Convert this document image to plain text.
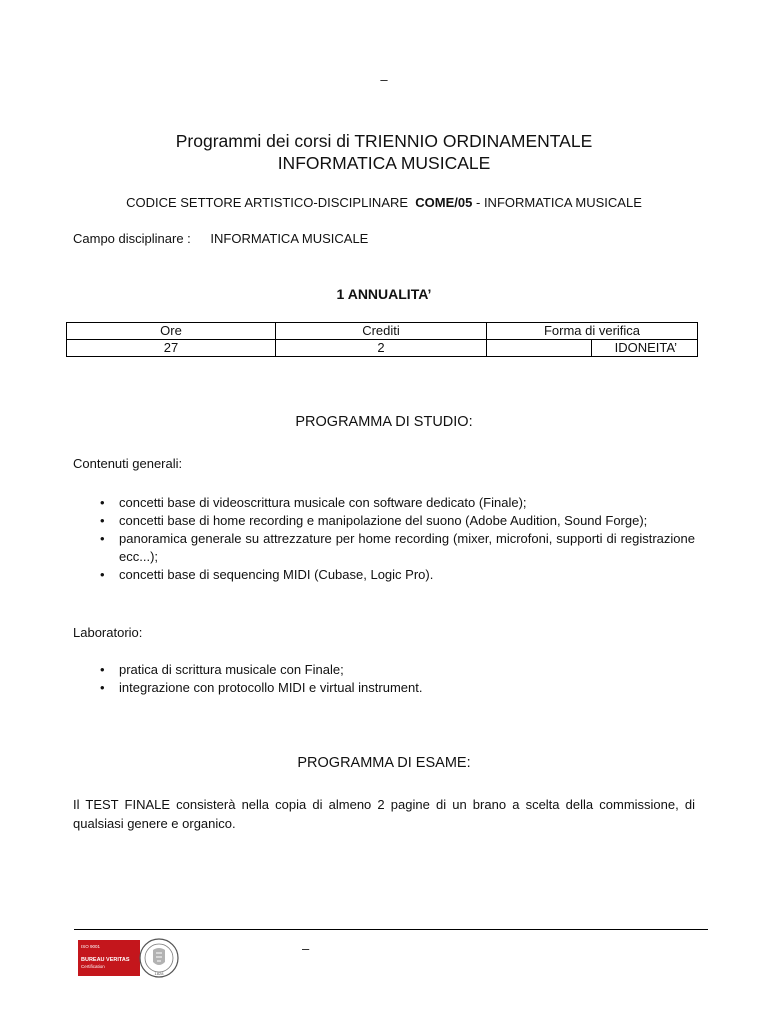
–
Programmi dei corsi di TRIENNIO ORDINAMENTALE
INFORMATICA MUSICALE
CODICE SETTORE ARTISTICO-DISCIPLINARE COME/05 - INFORMATICA MUSICALE
Campo disciplinare : INFORMATICA MUSICALE
1 ANNUALITA’
Ore	Crediti	Forma di verifica	
27	2		IDONEITA’
PROGRAMMA DI STUDIO:
Contenuti generali:
• concetti base di videoscrittura musicale con software dedicato (Finale);
• concetti base di home recording e manipolazione del suono (Adobe Audition, Sound Forge);
• panoramica generale su attrezzature per home recording (mixer, microfoni, supporti di registrazione ecc...);
• concetti base di sequencing MIDI (Cubase, Logic Pro).
Laboratorio:
• pratica di scrittura musicale con Finale;
• integrazione con protocollo MIDI e virtual instrument.
PROGRAMMA DI ESAME:
Il TEST FINALE consisterà nella copia di almeno 2 pagine di un brano a scelta della commissione, di qualsiasi genere e organico.
ISO 9001
BUREAU VERITAS
Certification
1828
–
